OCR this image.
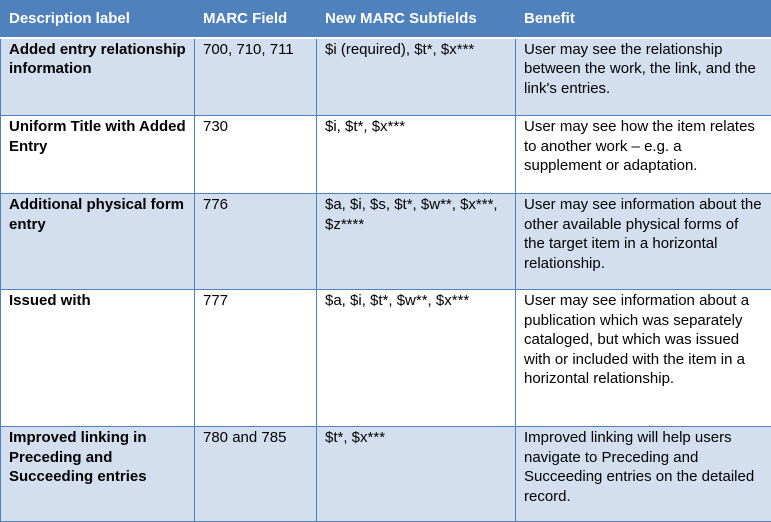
Description label	MARC Field	New MARC Subfields	Benefit
Added entry relationship information	700, 710, 711	$i (required), $t*, $x***	User may see the relationship between the work, the link, and the link's entries.
Uniform Title with Added Entry	730	$i, $t*, $x***	User may see how the item relates to another work – e.g. a supplement or adaptation.
Additional physical form entry	776	$a, $i, $s, $t*, $w**, $x***, $z****	User may see information about the other available physical forms of the target item in a horizontal relationship.
Issued with	777	$a, $i, $t*, $w**, $x***	User may see information about a publication which was separately cataloged, but which was issued with or included with the item in a horizontal relationship.
Improved linking in Preceding and Succeeding entries	780 and 785	$t*, $x***	Improved linking will help users navigate to Preceding and Succeeding entries on the detailed record.
